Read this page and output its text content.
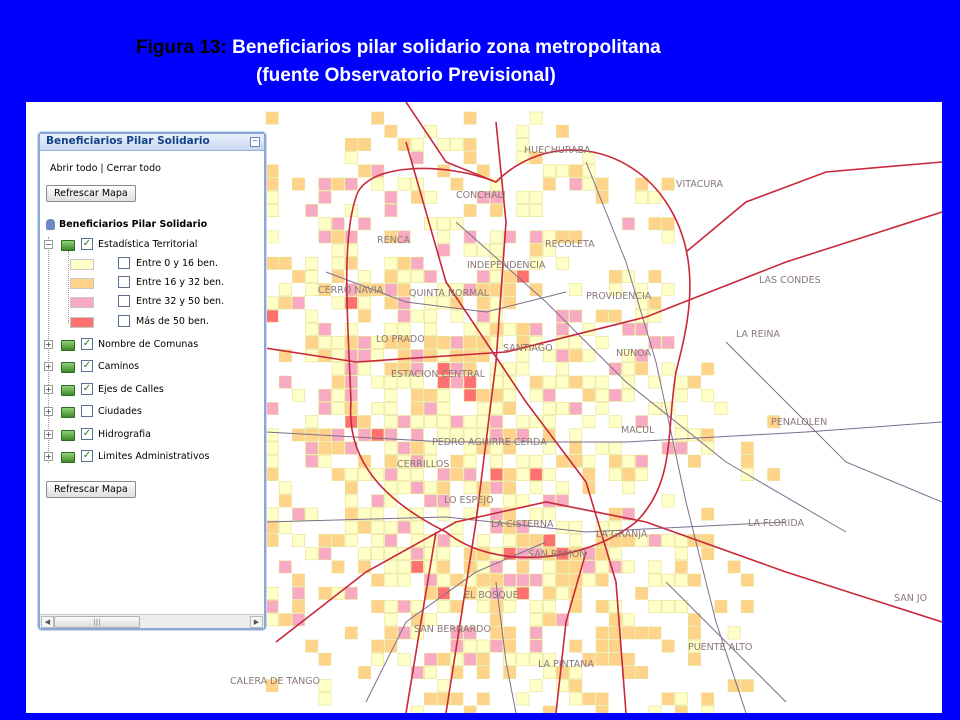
Figura 13: Beneficiarios pilar solidario zona metropolitana
(fuente Observatorio Previsional)
HUECHURABA
CONCHALI
VITACURA
RENCA	RECOLETA
INDEPENDENCIA
LAS CONDES
CERRO NAVIA	QUINTA NORMAL	PROVIDENCIA
LA REINA
LO PRADO
SANTIAGO	NUNOA
ESTACION CENTRAL
PENALOLEN
MACUL
PEDRO AGUIRRE CERDA
CERRILLOS
LO ESPEJO
LA FLORIDA
LA CISTERNA
LA GRANJA
SAN RAMON
EL BOSQUE	SAN JO
SAN BERNARDO
PUENTE ALTO
LA PINTANA
CALERA DE TANGO
Beneficiarios Pilar Solidario	−
Abrir todo | Cerrar todo
Refrescar Mapa
Beneficiarios Pilar Solidario
−	✓ Estadística Territorial
Entre 0 y 16 ben.
Entre 16 y 32 ben.
Entre 32 y 50 ben.
Más de 50 ben.
+	✓ Nombre de Comunas
+	✓ Caminos
+	✓ Ejes de Calles
+	Ciudades
+	✓ Hidrografia
+	✓ Limites Administrativos
Refrescar Mapa
◀	|||	▶
